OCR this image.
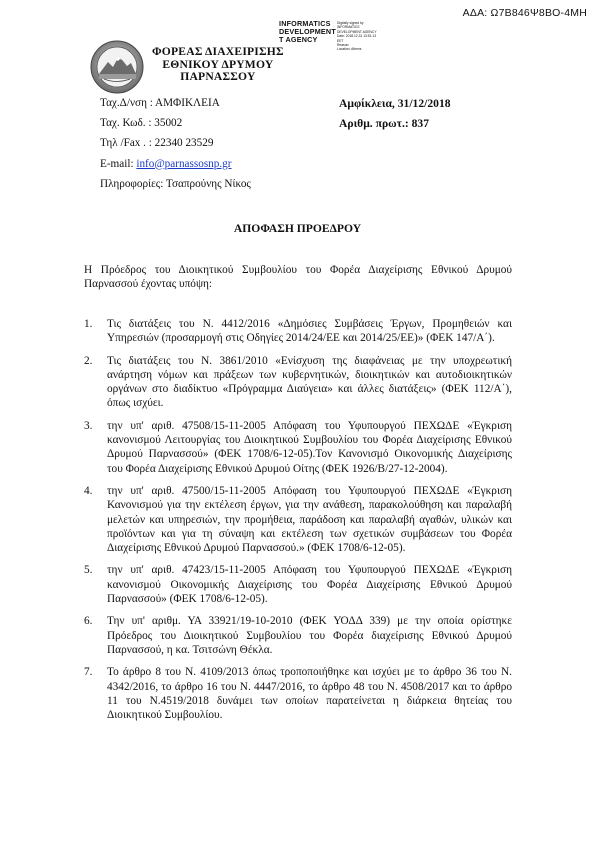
ΑΔΑ: Ω7Β846Ψ8ΒΟ-4ΜΗ
INFORMATICS
DEVELOPMENT
T AGENCY
Digitally signed by
INFORMATICS
DEVELOPMENT AGENCY
Date: 2018.12.31 13:51:13
EET
Reason:
Location: Athens
ΦΟΡΕΑΣ ΔΙΑΧΕΙΡΙΣΗΣ
ΕΘΝΙΚΟΥ ΔΡΥΜΟΥ
ΠΑΡΝΑΣΣΟΥ
Ταχ.Δ/νση : ΑΜΦΙΚΛΕΙΑ
Ταχ. Κωδ. : 35002
Τηλ /Fax . : 22340 23529
E-mail: info@parnassosnp.gr
Πληροφορίες: Τσαπρούνης Νίκος
Αμφίκλεια, 31/12/2018
Αριθμ. πρωτ.: 837
ΑΠΟΦΑΣΗ ΠΡΟΕΔΡΟΥ
Η Πρόεδρος του Διοικητικού Συμβουλίου του Φορέα Διαχείρισης Εθνικού Δρυμού Παρνασσού έχοντας υπόψη:
1. Τις διατάξεις του Ν. 4412/2016 «Δημόσιες Συμβάσεις Έργων, Προμηθειών και Υπηρεσιών (προσαρμογή στις Οδηγίες 2014/24/ΕΕ και 2014/25/ΕΕ)» (ΦΕΚ 147/Α΄).
2. Τις διατάξεις του Ν. 3861/2010 «Ενίσχυση της διαφάνειας με την υποχρεωτική ανάρτηση νόμων και πράξεων των κυβερνητικών, διοικητικών και αυτοδιοικητικών οργάνων στο διαδίκτυο «Πρόγραμμα Διαύγεια» και άλλες διατάξεις» (ΦΕΚ 112/Α΄), όπως ισχύει.
3. την υπ' αριθ. 47508/15-11-2005 Απόφαση του Υφυπουργού ΠΕΧΩΔΕ «Έγκριση κανονισμού Λειτουργίας του Διοικητικού Συμβουλίου του Φορέα Διαχείρισης Εθνικού Δρυμού Παρνασσού» (ΦΕΚ 1708/6-12-05).Τον Κανονισμό Οικονομικής Διαχείρισης του Φορέα Διαχείρισης Εθνικού Δρυμού Οίτης (ΦΕΚ 1926/Β/27-12-2004).
4. την υπ' αριθ. 47500/15-11-2005 Απόφαση του Υφυπουργού ΠΕΧΩΔΕ «Έγκριση Κανονισμού για την εκτέλεση έργων, για την ανάθεση, παρακολούθηση και παραλαβή μελετών και υπηρεσιών, την προμήθεια, παράδοση και παραλαβή αγαθών, υλικών και προϊόντων και για τη σύναψη και εκτέλεση των σχετικών συμβάσεων του Φορέα Διαχείρισης Εθνικού Δρυμού Παρνασσού.» (ΦΕΚ 1708/6-12-05).
5. την υπ' αριθ. 47423/15-11-2005 Απόφαση του Υφυπουργού ΠΕΧΩΔΕ «Έγκριση κανονισμού Οικονομικής Διαχείρισης του Φορέα Διαχείρισης Εθνικού Δρυμού Παρνασσού» (ΦΕΚ 1708/6-12-05).
6. Την υπ' αριθμ. ΥΑ 33921/19-10-2010 (ΦΕΚ ΥΟΔΔ 339) με την οποία ορίστηκε Πρόεδρος του Διοικητικού Συμβουλίου του Φορέα διαχείρισης Εθνικού Δρυμού Παρνασσού, η κα. Τσιτσώνη Θέκλα.
7. Το άρθρο 8 του Ν. 4109/2013 όπως τροποποιήθηκε και ισχύει με το άρθρο 36 του Ν. 4342/2016, το άρθρο 16 του Ν. 4447/2016, το άρθρο 48 του Ν. 4508/2017 και το άρθρο 11 του Ν.4519/2018 δυνάμει των οποίων παρατείνεται η διάρκεια θητείας του Διοικητικού Συμβουλίου.
